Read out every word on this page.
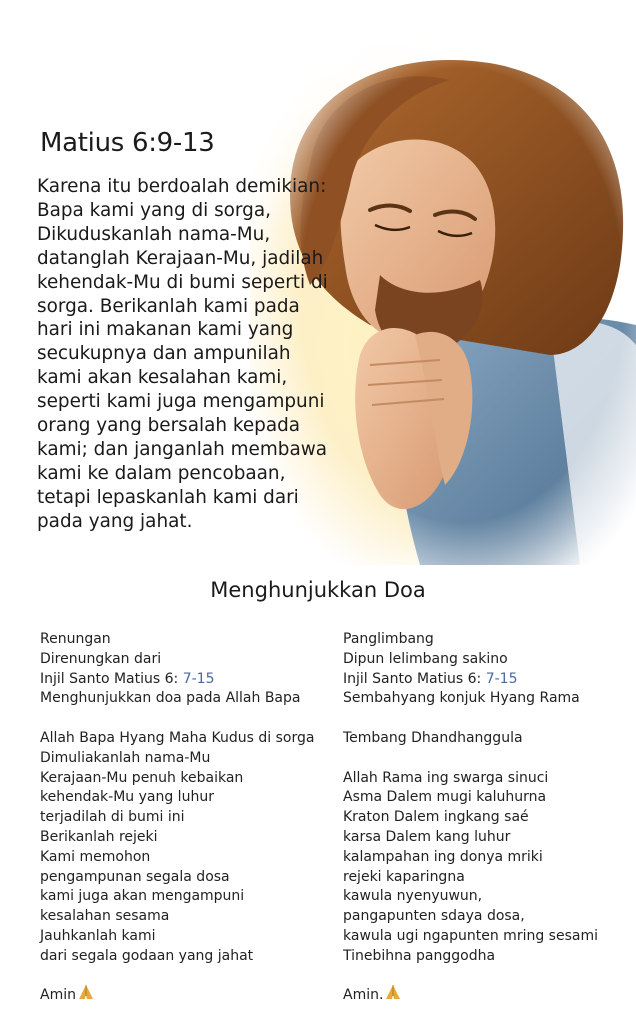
Matius 6:9-13
Karena itu berdoalah demikian:
Bapa kami yang di sorga,
Dikuduskanlah nama-Mu,
datanglah Kerajaan-Mu, jadilah
kehendak-Mu di bumi seperti di
sorga. Berikanlah kami pada
hari ini makanan kami yang
secukupnya dan ampunilah
kami akan kesalahan kami,
seperti kami juga mengampuni
orang yang bersalah kepada
kami; dan janganlah membawa
kami ke dalam pencobaan,
tetapi lepaskanlah kami dari
pada yang jahat.
Menghunjukkan Doa
Renungan
Direnungkan dari
Injil Santo Matius 6: 7-15
Menghunjukkan doa pada Allah Bapa
Allah Bapa Hyang Maha Kudus di sorga
Dimuliakanlah nama-Mu
Kerajaan-Mu penuh kebaikan
kehendak-Mu yang luhur
terjadilah di bumi ini
Berikanlah rejeki
Kami memohon
pengampunan segala dosa
kami juga akan mengampuni
kesalahan sesama
Jauhkanlah kami
dari segala godaan yang jahat
Amin
Panglimbang
Dipun lelimbang sakino
Injil Santo Matius 6: 7-15
Sembahyang konjuk Hyang Rama
Tembang Dhandhanggula
Allah Rama ing swarga sinuci
Asma Dalem mugi kaluhurna
Kraton Dalem ingkang saé
karsa Dalem kang luhur
kalampahan ing donya mriki
rejeki kaparingna
kawula nyenyuwun,
pangapunten sdaya dosa,
kawula ugi ngapunten mring sesami
Tinebihna panggodha
Amin.
